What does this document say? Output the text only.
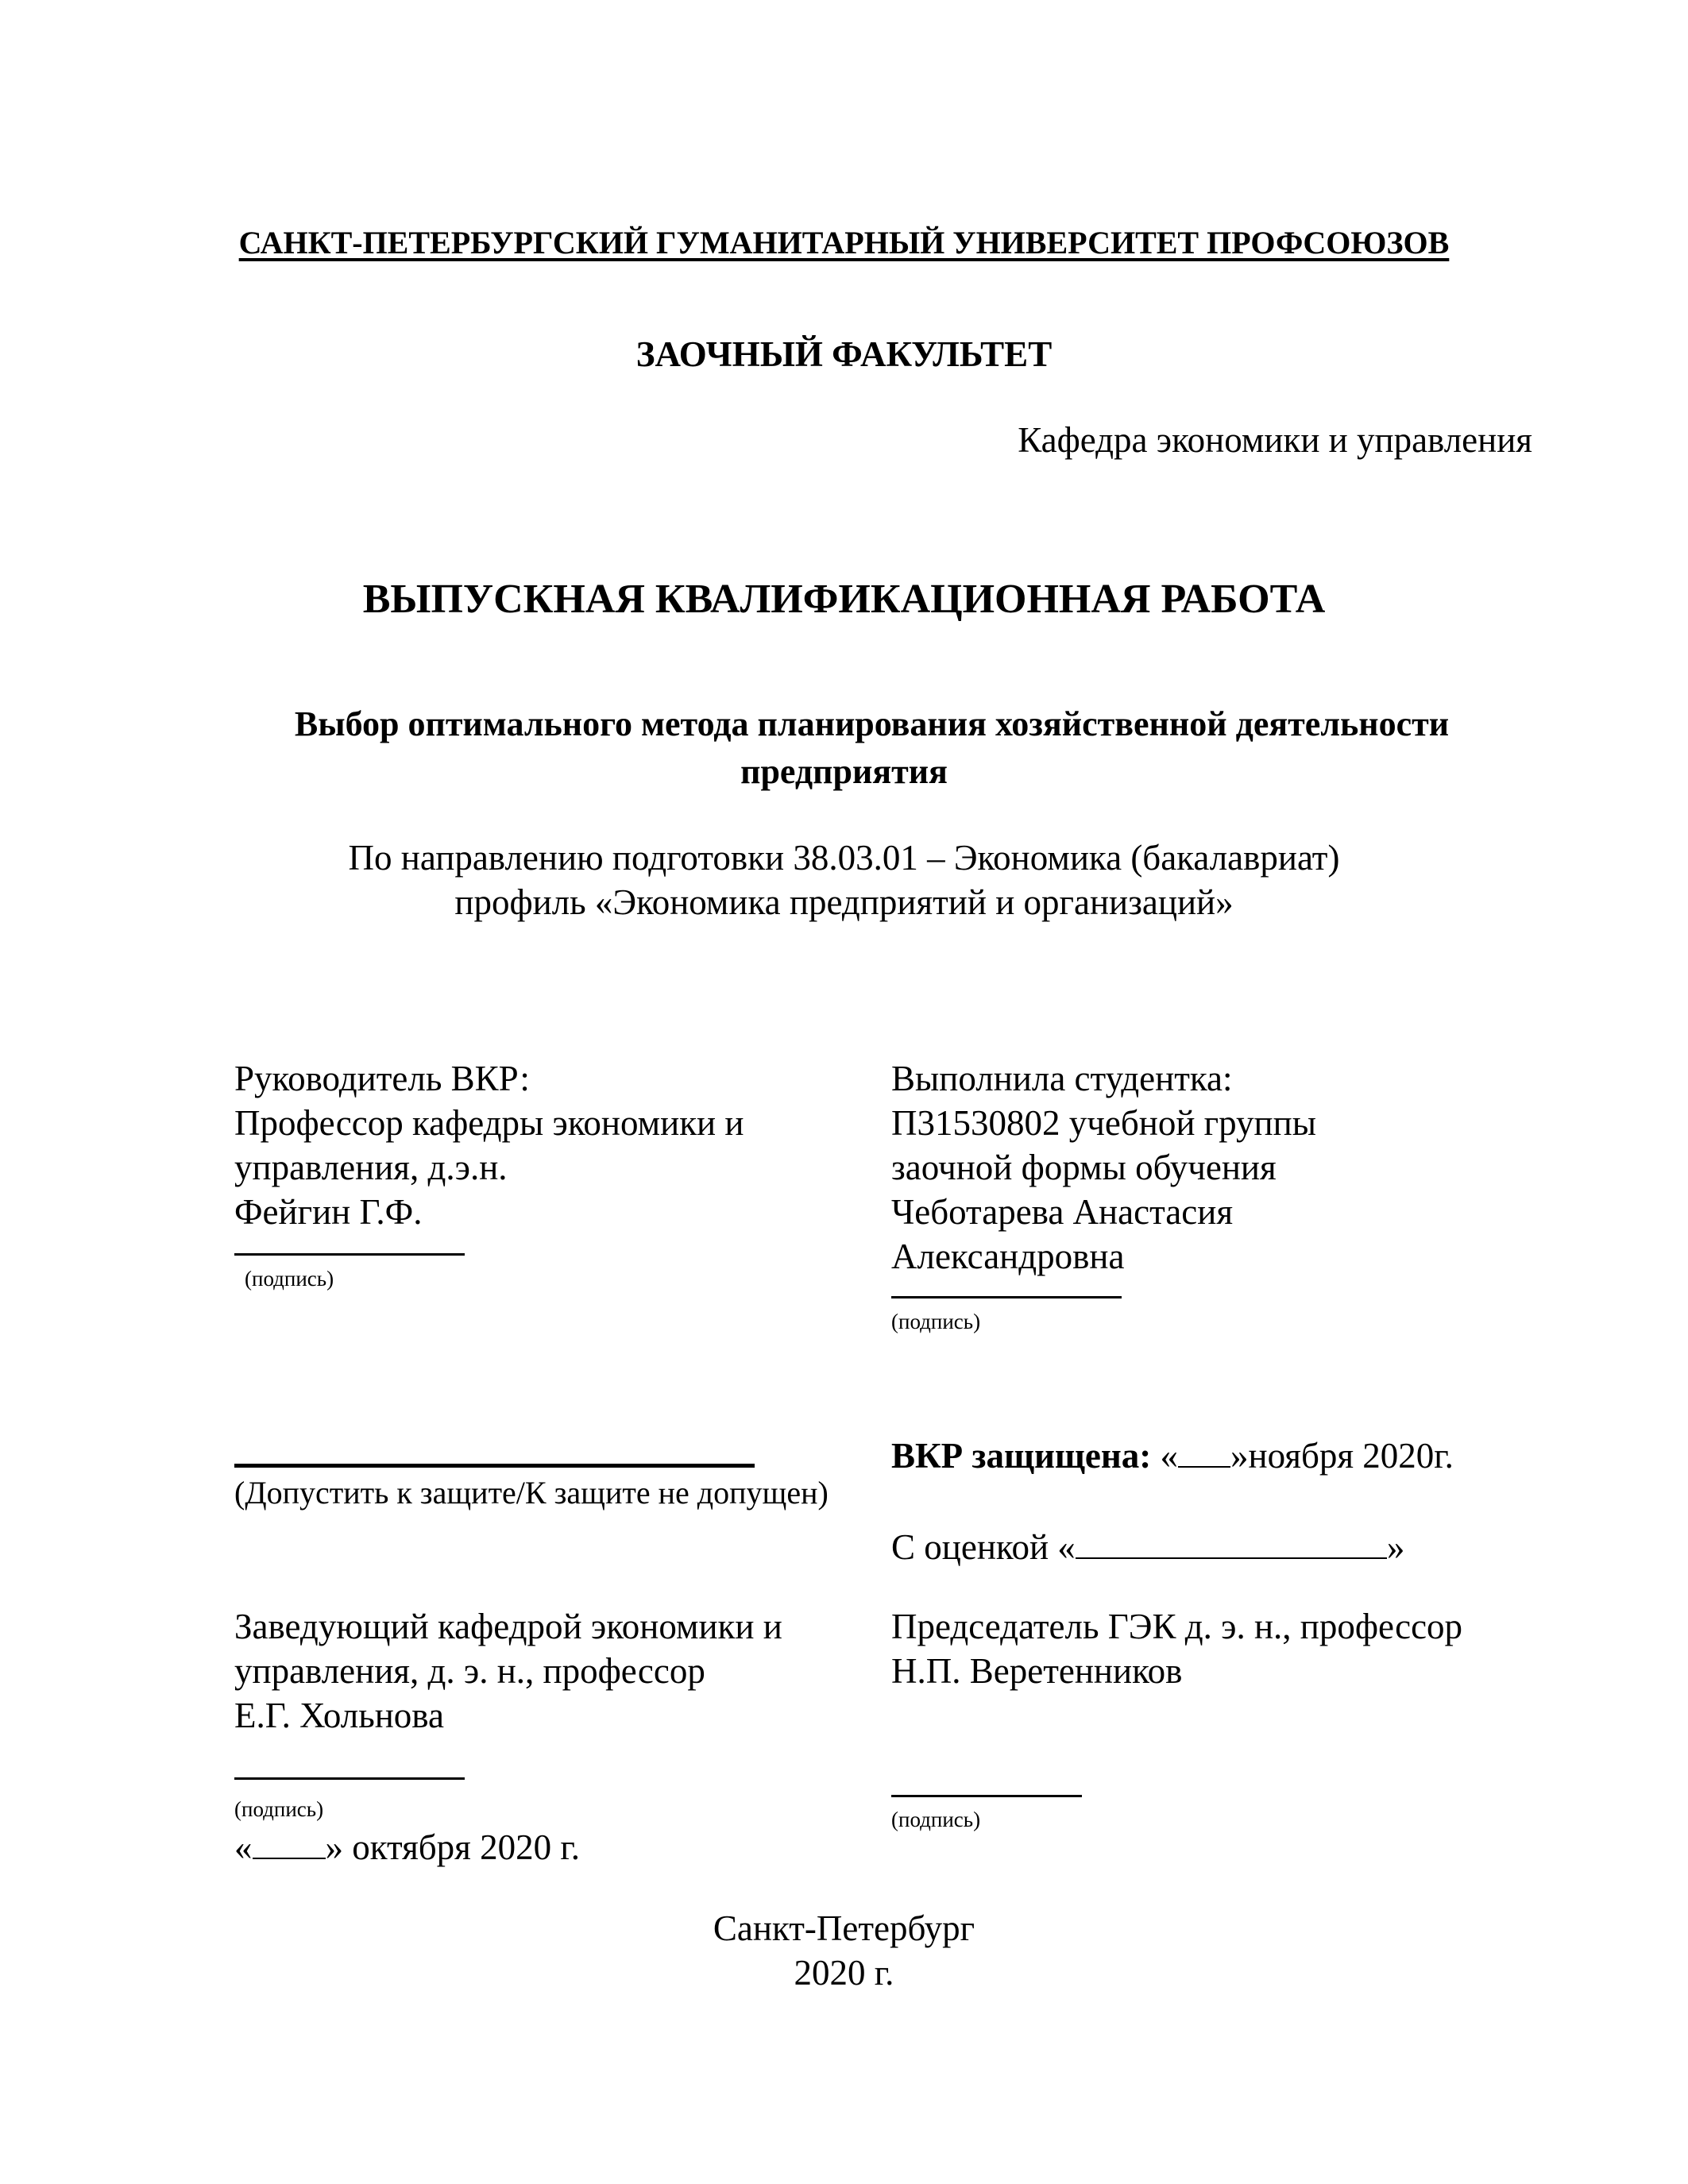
САНКТ-ПЕТЕРБУРГСКИЙ ГУМАНИТАРНЫЙ УНИВЕРСИТЕТ ПРОФСОЮЗОВ
ЗАОЧНЫЙ ФАКУЛЬТЕТ
Кафедра экономики и управления
ВЫПУСКНАЯ КВАЛИФИКАЦИОННАЯ РАБОТА
Выбор оптимального метода планирования хозяйственной деятельности
предприятия
По направлению подготовки 38.03.01 – Экономика (бакалавриат)
профиль «Экономика предприятий и организаций»
Руководитель ВКР:
Профессор кафедры экономики и
управления, д.э.н.
Фейгин Г.Ф.
(подпись)
Выполнила студентка:
П31530802 учебной группы
заочной формы обучения
Чеботарева Анастасия
Александровна
(подпись)
(Допустить к защите/К защите не допущен)
ВКР защищена: « »ноября 2020г.
С оценкой «	»
Заведующий кафедрой экономики и
управления, д. э. н., профессор
Е.Г. Хольнова
(подпись)
« » октября 2020 г.
Председатель ГЭК д. э. н., профессор
Н.П. Веретенников
(подпись)
Санкт-Петербург
2020 г.
